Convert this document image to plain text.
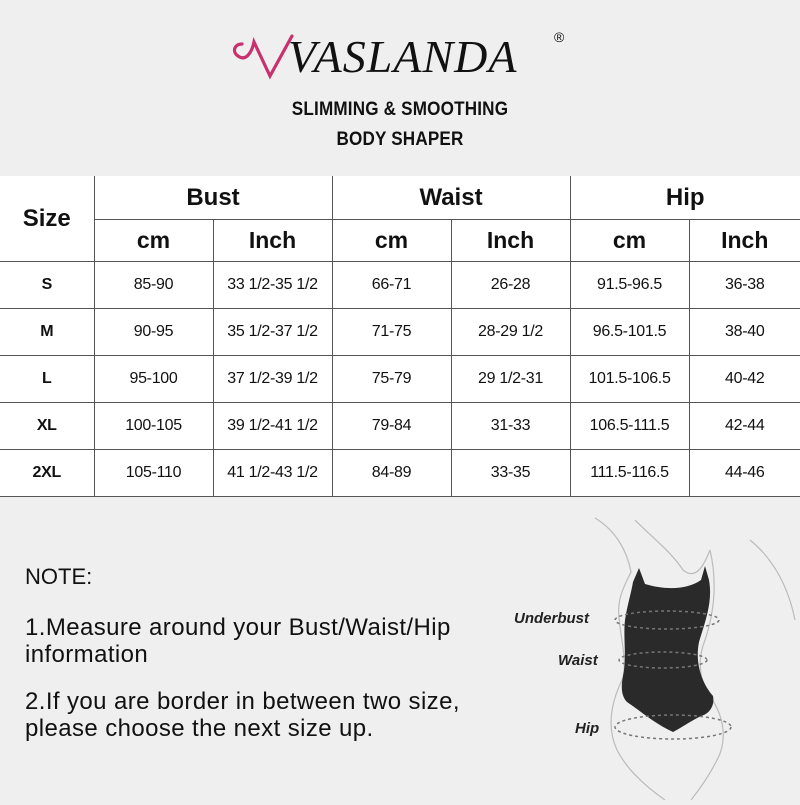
VASLANDA	®
SLIMMING & SMOOTHING
BODY SHAPER
Size	Bust		Waist		Hip	
	cm	Inch	cm	Inch	cm	Inch
S	85-90	33 1/2-35 1/2	66-71	26-28	91.5-96.5	36-38
M	90-95	35 1/2-37 1/2	71-75	28-29 1/2	96.5-101.5	38-40
L	95-100	37 1/2-39 1/2	75-79	29 1/2-31	101.5-106.5	40-42
XL	100-105	39 1/2-41 1/2	79-84	31-33	106.5-111.5	42-44
2XL	105-110	41 1/2-43 1/2	84-89	33-35	111.5-116.5	44-46
NOTE:
1.Measure around your Bust/Waist/Hip
information
2.If you are border in between two size,
please choose the next size up.
Underbust
Waist
Hip
